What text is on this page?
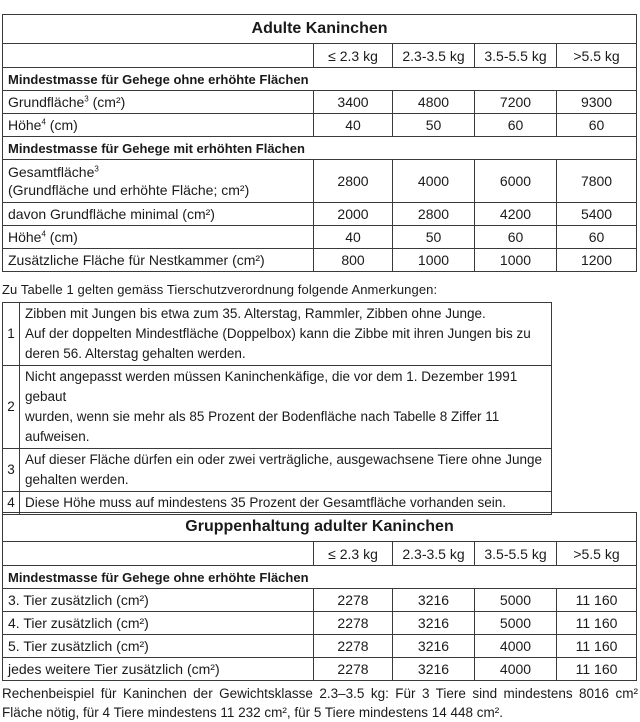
Adulte Kaninchen				
	≤ 2.3 kg	2.3-3.5 kg	3.5-5.5 kg	>5.5 kg
Mindestmasse für Gehege ohne erhöhte Flächen				
Grundfläche$^3$ (cm²)	3400	4800	7200	9300
Höhe$^4$ (cm)	40	50	60	60
Mindestmasse für Gehege mit erhöhten Flächen				

Gesamtfläche$^3$
(Grundfläche und erhöhte Fläche; cm²)	2800	4000	6000	7800
davon Grundfläche minimal (cm²)	2000	2800	4200	5400
Höhe$^4$ (cm)	40	50	60	60
Zusätzliche Fläche für Nestkammer (cm²)	800	1000	1000	1200
Zu Tabelle 1 gelten gemäss Tierschutzverordnung folgende Anmerkungen:
1	Zibben mit Jungen bis etwa zum 35. Alterstag, Rammler, Zibben ohne Junge.
Auf der doppelten Mindestfläche (Doppelbox) kann die Zibbe mit ihren Jungen bis zu
deren 56. Alterstag gehalten werden.

2	Nicht angepasst werden müssen Kaninchenkäfige, die vor dem 1. Dezember 1991 gebaut
wurden, wenn sie mehr als 85 Prozent der Bodenfläche nach Tabelle 8 Ziffer 11 aufweisen.

3	Auf dieser Fläche dürfen ein oder zwei verträgliche, ausgewachsene Tiere ohne Junge
gehalten werden.

4	Diese Höhe muss auf mindestens 35 Prozent der Gesamtfläche vorhanden sein.
Gruppenhaltung adulter Kaninchen				
	≤ 2.3 kg	2.3-3.5 kg	3.5-5.5 kg	>5.5 kg
Mindestmasse für Gehege ohne erhöhte Flächen				
3. Tier zusätzlich (cm²)	2278	3216	5000	11 160
4. Tier zusätzlich (cm²)	2278	3216	5000	11 160
5. Tier zusätzlich (cm²)	2278	3216	4000	11 160
jedes weitere Tier zusätzlich (cm²)	2278	3216	4000	11 160
Rechenbeispiel für Kaninchen der Gewichtsklasse 2.3–3.5 kg: Für 3 Tiere sind mindestens 8016 cm² Fläche nötig, für 4 Tiere mindestens 11 232 cm², für 5 Tiere mindestens 14 448 cm².
